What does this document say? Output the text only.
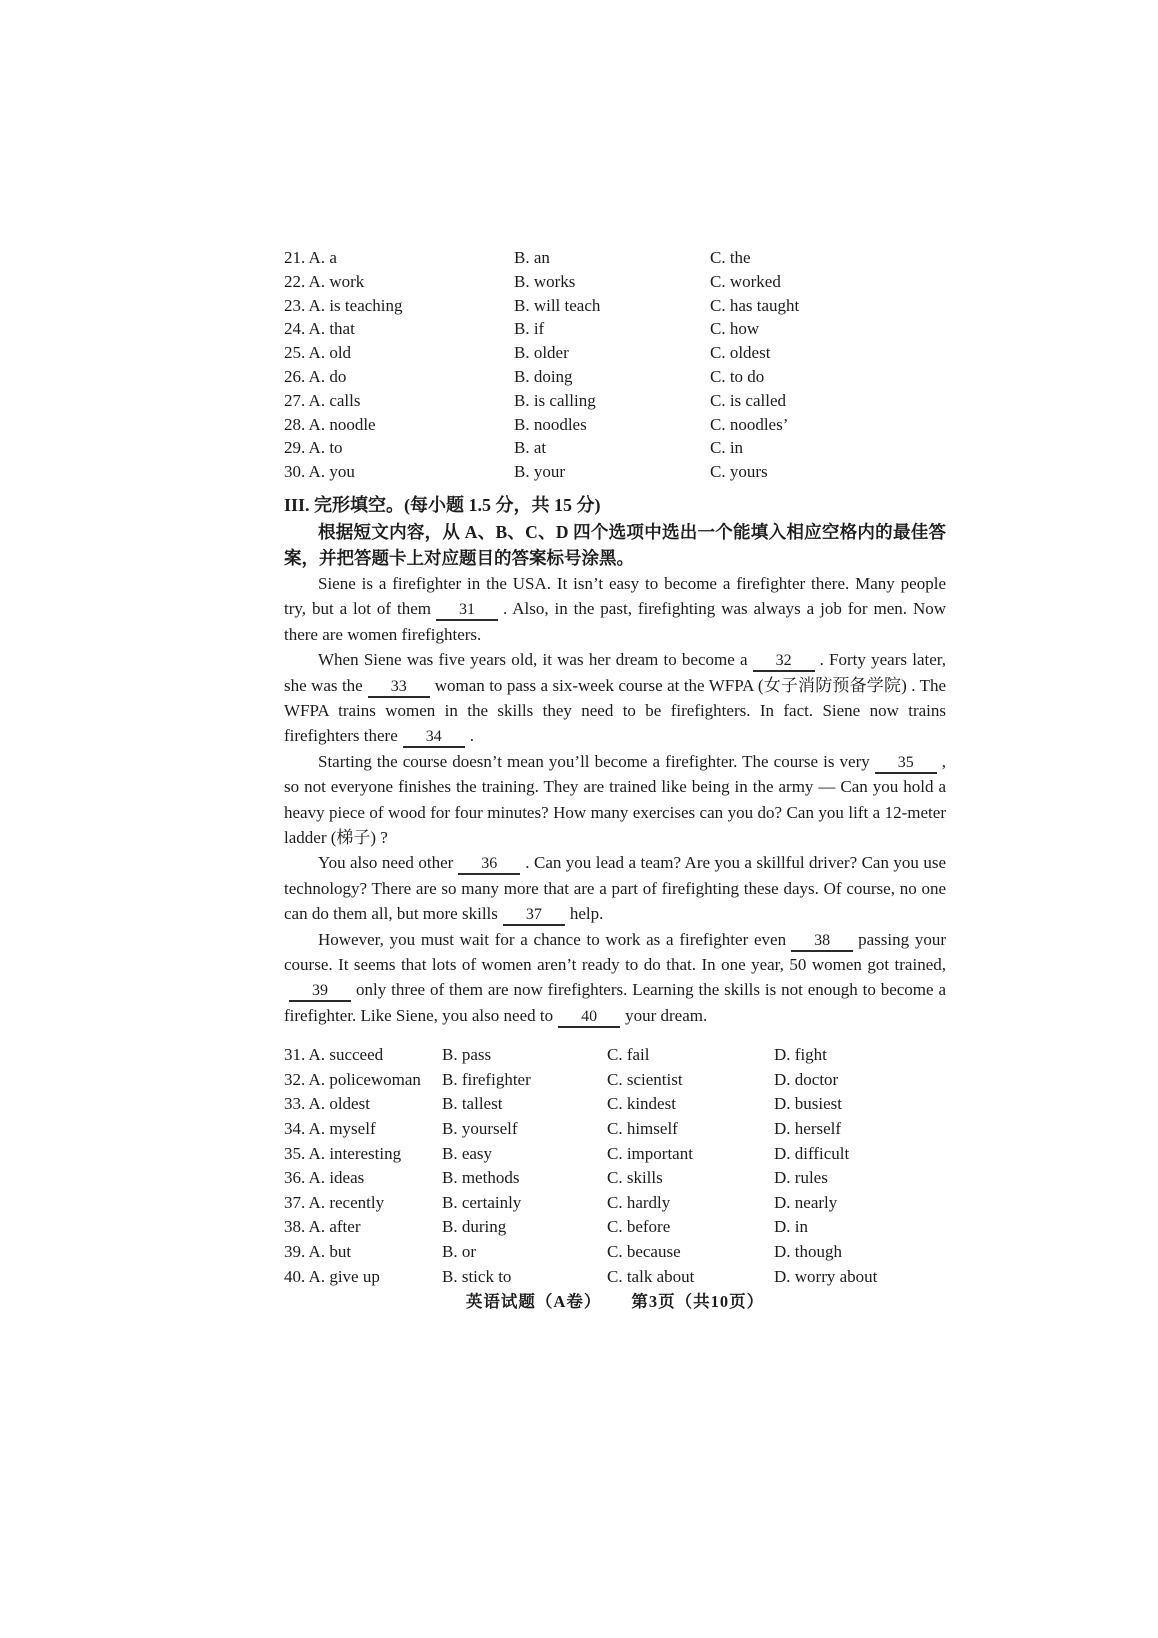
21. A. a	B. an	C. the
22. A. work	B. works	C. worked
23. A. is teaching	B. will teach	C. has taught
24. A. that	B. if	C. how
25. A. old	B. older	C. oldest
26. A. do	B. doing	C. to do
27. A. calls	B. is calling	C. is called
28. A. noodle	B. noodles	C. noodles’
29. A. to	B. at	C. in
30. A. you	B. your	C. yours

III. 完形填空。(每小题 1.5 分，共 15 分)

根据短文内容，从 A、B、C、D 四个选项中选出一个能填入相应空格内的最佳答案，并把答题卡上对应题目的答案标号涂黑。

Siene is a firefighter in the USA. It isn’t easy to become a firefighter there. Many people try, but a lot of them 31 . Also, in the past, firefighting was always a job for men. Now there are women firefighters.

When Siene was five years old, it was her dream to become a 32 . Forty years later, she was the 33 woman to pass a six-week course at the WFPA (女子消防预备学院) . The WFPA trains women in the skills they need to be firefighters. In fact. Siene now trains firefighters there 34 .

Starting the course doesn’t mean you’ll become a firefighter. The course is very 35 , so not everyone finishes the training. They are trained like being in the army — Can you hold a heavy piece of wood for four minutes? How many exercises can you do? Can you lift a 12-meter ladder (梯子) ?

You also need other 36 . Can you lead a team? Are you a skillful driver? Can you use technology? There are so many more that are a part of firefighting these days. Of course, no one can do them all, but more skills 37 help.

However, you must wait for a chance to work as a firefighter even 38 passing your course. It seems that lots of women aren’t ready to do that. In one year, 50 women got trained,39 only three of them are now firefighters. Learning the skills is not enough to become a firefighter. Like Siene, you also need to 40 your dream.

31. A. succeed	B. pass	C. fail	D. fight
32. A. policewoman	B. firefighter	C. scientist	D. doctor
33. A. oldest	B. tallest	C. kindest	D. busiest
34. A. myself	B. yourself	C. himself	D. herself
35. A. interesting	B. easy	C. important	D. difficult
36. A. ideas	B. methods	C. skills	D. rules
37. A. recently	B. certainly	C. hardly	D. nearly
38. A. after	B. during	C. before	D. in
39. A. but	B. or	C. because	D. though
40. A. give up	B. stick to	C. talk about	D. worry about
英语试题（A卷） 第3页（共10页）
